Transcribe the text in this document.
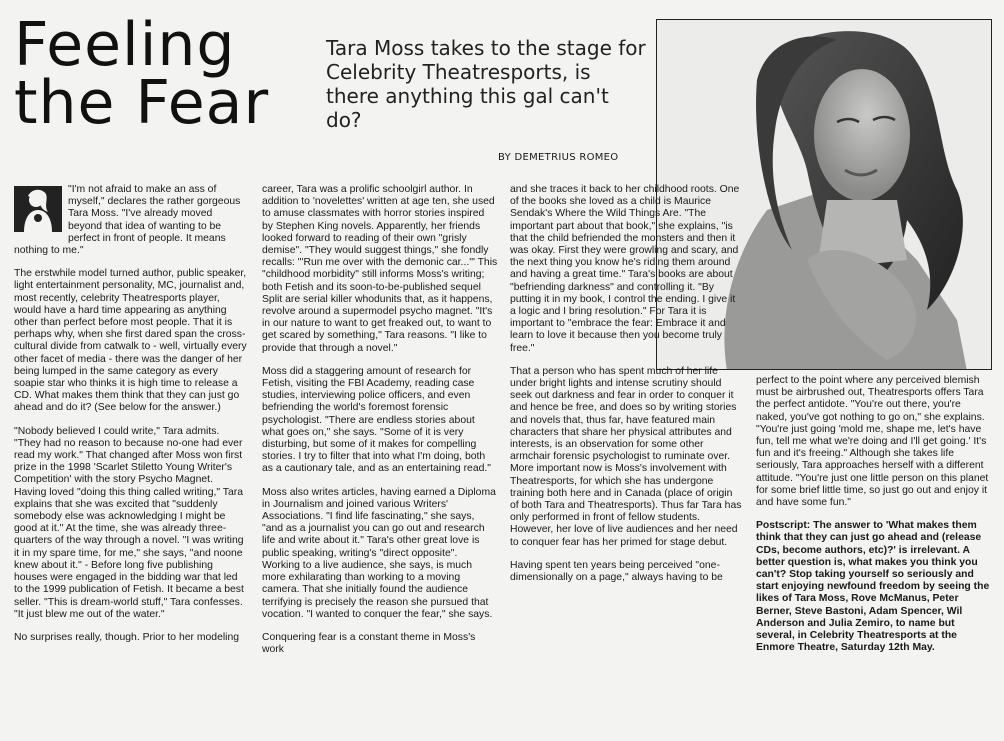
Feeling
the Fear
Tara Moss takes to the stage for Celebrity Theatresports, is there anything this gal can't do?
BY DEMETRIUS ROMEO

"I'm not afraid to make an ass of myself," declares the rather gorgeous Tara Moss. "I've already moved beyond that idea of wanting to be perfect in front of people. It means nothing to me."

The erstwhile model turned author, public speaker, light entertainment personality, MC, journalist and, most recently, celebrity Theatresports player, would have a hard time appearing as anything other than perfect before most people. That it is perhaps why, when she first dared span the cross-cultural divide from catwalk to - well, virtually every other facet of media - there was the danger of her being lumped in the same category as every soapie star who thinks it is high time to release a CD. What makes them think that they can just go ahead and do it? (See below for the answer.)

"Nobody believed I could write," Tara admits. "They had no reason to because no-one had ever read my work." That changed after Moss won first prize in the 1998 'Scarlet Stiletto Young Writer's Competition' with the story Psycho Magnet. Having loved "doing this thing called writing," Tara explains that she was excited that "suddenly somebody else was acknowledging I might be good at it." At the time, she was already three-quarters of the way through a novel. "I was writing it in my spare time, for me," she says, "and noone knew about it." - Before long five publishing houses were engaged in the bidding war that led to the 1999 publication of Fetish. It became a best seller. "This is dream-world stuff," Tara confesses. "It just blew me out of the water."

No surprises really, though. Prior to her modeling

career, Tara was a prolific schoolgirl author. In addition to 'novelettes' written at age ten, she used to amuse classmates with horror stories inspired by Stephen King novels. Apparently, her friends looked forward to reading of their own "grisly demise". "They would suggest things," she fondly recalls: "'Run me over with the demonic car...'" This "childhood morbidity" still informs Moss's writing; both Fetish and its soon-to-be-published sequel Split are serial killer whodunits that, as it happens, revolve around a supermodel psycho magnet. "It's in our nature to want to get freaked out, to want to get scared by something," Tara reasons. "I like to provide that through a novel."

Moss did a staggering amount of research for Fetish, visiting the FBI Academy, reading case studies, interviewing police officers, and even befriending the world's foremost forensic psychologist. "There are endless stories about what goes on," she says. "Some of it is very disturbing, but some of it makes for compelling stories. I try to filter that into what I'm doing, both as a cautionary tale, and as an entertaining read."

Moss also writes articles, having earned a Diploma in Journalism and joined various Writers' Associations. "I find life fascinating," she says, "and as a journalist you can go out and research life and write about it." Tara's other great love is public speaking, writing's "direct opposite". Working to a live audience, she says, is much more exhilarating than working to a moving camera. That she initially found the audience terrifying is precisely the reason she pursued that vocation. "I wanted to conquer the fear," she says.

Conquering fear is a constant theme in Moss's work

and she traces it back to her childhood roots. One of the books she loved as a child is Maurice Sendak's Where the Wild Things Are. "The important part about that book," she explains, "is that the child befriended the monsters and then it was okay. First they were growling and scary, and the next thing you know he's riding them around and having a great time." Tara's books are about "befriending darkness" and controlling it. "By putting it in my book, I control the ending. I give it a logic and I bring resolution." For Tara it is important to "embrace the fear: Embrace it and learn to love it because then you become truly free."

That a person who has spent much of her life under bright lights and intense scrutiny should seek out darkness and fear in order to conquer it and hence be free, and does so by writing stories and novels that, thus far, have featured main characters that share her physical attributes and interests, is an observation for some other armchair forensic psychologist to ruminate over. More important now is Moss's involvement with Theatresports, for which she has undergone training both here and in Canada (place of origin of both Tara and Theatresports). Thus far Tara has only performed in front of fellow students. However, her love of live audiences and her need to conquer fear has her primed for stage debut.

Having spent ten years being perceived "one-dimensionally on a page," always having to be

perfect to the point where any perceived blemish must be airbrushed out, Theatresports offers Tara the perfect antidote. "You're out there, you're naked, you've got nothing to go on," she explains. "You're just going 'mold me, shape me, let's have fun, tell me what we're doing and I'll get going.' It's fun and it's freeing." Although she takes life seriously, Tara approaches herself with a different attitude. "You're just one little person on this planet for some brief little time, so just go out and enjoy it and have some fun."

Postscript: The answer to 'What makes them think that they can just go ahead and (release CDs, become authors, etc)?' is irrelevant. A better question is, what makes you think you can't? Stop taking yourself so seriously and start enjoying newfound freedom by seeing the likes of Tara Moss, Rove McManus, Peter Berner, Steve Bastoni, Adam Spencer, Wil Anderson and Julia Zemiro, to name but several, in Celebrity Theatresports at the Enmore Theatre, Saturday 12th May.
